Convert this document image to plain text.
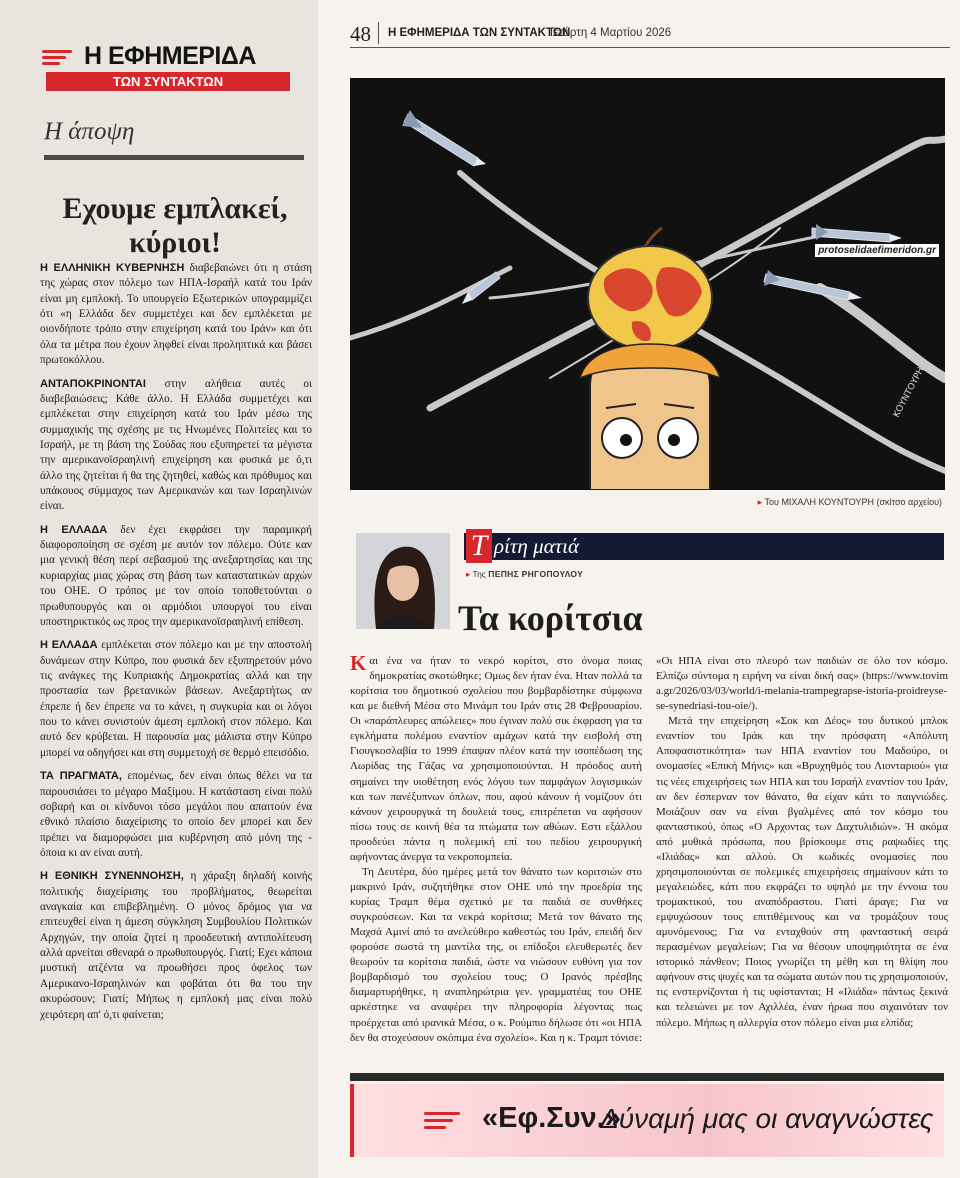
Η ΕΦΗΜΕΡΙΔΑ
ΤΩΝ ΣΥΝΤΑΚΤΩΝ
Η άποψη
Εχουμε εμπλακεί,
κύριοι!

Η ΕΛΛΗΝΙΚΗ ΚΥΒΕΡΝΗΣΗ διαβεβαιώνει ότι η στάση της χώρας στον πόλεμο των ΗΠΑ-Ισραήλ κατά του Ιράν είναι μη εμπλοκή. Το υπουργείο Εξωτερικών υπογραμμίζει ότι «η Ελλάδα δεν συμμετέχει και δεν εμπλέκεται με οιονδήποτε τρόπο στην επιχείρηση κατά του Ιράν» και ότι όλα τα μέτρα που έχουν ληφθεί είναι προληπτικά και βάσει πρωτοκόλλου.

ΑΝΤΑΠΟΚΡΙΝΟΝΤΑΙ στην αλήθεια αυτές οι διαβεβαιώσεις; Κάθε άλλο. Η Ελλάδα συμμετέχει και εμπλέκεται στην επιχείρηση κατά του Ιράν μέσω της συμμαχικής της σχέσης με τις Ηνωμένες Πολιτείες και το Ισραήλ, με τη βάση της Σούδας που εξυπηρετεί τα μέγιστα την αμερικανοϊσραηλινή επιχείρηση και φυσικά με ό,τι άλλο της ζητείται ή θα της ζητηθεί, καθώς και πρόθυμος και υπάκουος σύμμαχος των Αμερικανών και των Ισραηλινών είναι.

Η ΕΛΛΑΔΑ δεν έχει εκφράσει την παραμικρή διαφοροποίηση σε σχέση με αυτόν τον πόλεμο. Ούτε καν μια γενική θέση περί σεβασμού της ανεξαρτησίας και της κυριαρχίας μιας χώρας στη βάση των καταστατικών αρχών του ΟΗΕ. Ο τρόπος με τον οποίο τοποθετούνται ο πρωθυπουργός και οι αρμόδιοι υπουργοί του είναι υποστηρικτικός ως προς την αμερικανοϊσραηλινή επίθεση.

Η ΕΛΛΑΔΑ εμπλέκεται στον πόλεμο και με την αποστολή δυνάμεων στην Κύπρο, που φυσικά δεν εξυπηρετούν μόνο τις ανάγκες της Κυπριακής Δημοκρατίας αλλά και την προστασία των βρετανικών βάσεων. Ανεξαρτήτως αν έπρεπε ή δεν έπρεπε να το κάνει, η συγκυρία και οι λόγοι που το κάνει συνιστούν άμεση εμπλοκή στον πόλεμο. Και αυτό δεν κρύβεται. Η παρουσία μας μάλιστα στην Κύπρο μπορεί να οδηγήσει και στη συμμετοχή σε θερμό επεισόδιο.

ΤΑ ΠΡΑΓΜΑΤΑ, επομένως, δεν είναι όπως θέλει να τα παρουσιάσει το μέγαρο Μαξίμου. Η κατάσταση είναι πολύ σοβαρή και οι κίνδυνοι τόσο μεγάλοι που απαιτούν ένα εθνικό πλαίσιο διαχείρισης το οποίο δεν μπορεί και δεν πρέπει να διαμορφώσει μια κυβέρνηση από μόνη της - όποια κι αν είναι αυτή.

Η ΕΘΝΙΚΗ ΣΥΝΕΝΝΟΗΣΗ, η χάραξη δηλαδή κοινής πολιτικής διαχείρισης του προβλήματος, θεωρείται αναγκαία και επιβεβλημένη. Ο μόνος δρόμος για να επιτευχθεί είναι η άμεση σύγκληση Συμβουλίου Πολιτικών Αρχηγών, την οποία ζητεί η προοδευτική αντιπολίτευση αλλά αρνείται σθεναρά ο πρωθυπουργός. Γιατί; Εχει κάποια μυστική ατζέντα να προωθήσει προς όφελος των Αμερικανο-Ισραηλινών και φοβάται ότι θα του την ακυρώσουν; Γιατί; Μήπως η εμπλοκή μας είναι πολύ χειρότερη απ' ό,τι φαίνεται;

48 Η ΕΦΗΜΕΡΙΔΑ ΤΩΝ ΣΥΝΤΑΚΤΩΝ
Τετάρτη 4 Μαρτίου 2026
ΚΟΥΝΤΟΥΡΗ
protoselidaefimeridon.gr
▸ Του ΜΙΧΑΛΗ ΚΟΥΝΤΟΥΡΗ (σκίτσο αρχείου)
Τ ρίτη ματιά
▸ Της ΠΕΠΗΣ ΡΗΓΟΠΟΥΛΟΥ
Τα κορίτσια

Και ένα να ήταν το νεκρό κορίτσι, στο όνομα ποιας δημοκρατίας σκοτώθηκε; Ομως δεν ήταν ένα. Ηταν πολλά τα κορίτσια του δημοτικού σχολείου που βομβαρδίστηκε σύμφωνα και με διεθνή Μέσα στο Μινάμπ του Ιράν στις 28 Φεβρουαρίου. Οι «παράπλευρες απώλειες» που έγιναν πολύ σικ έκφραση για τα εγκλήματα πολέμου εναντίον αμάχων κατά την εισβολή στη Γιουγκοσλαβία το 1999 έπαψαν πλέον κατά την ισοπέδωση της Λωρίδας της Γάζας να χρησιμοποιούνται. Η πρόοδος αυτή σημαίνει την υιοθέτηση ενός λόγου των παμφάγων λογισμικών και των πανέξυπνων όπλων, που, αφού κάνουν ή νομίζουν ότι κάνουν χειρουργικά τη δουλειά τους, επιτρέπεται να αφήσουν πίσω τους σε κοινή θέα τα πτώματα των αθώων. Εστι εξάλλου προοδεύει πάντα η πολεμική επί του πεδίου χειρουργική αφήνοντας άνεργα τα νεκροπομπεία.

Τη Δευτέρα, δύο ημέρες μετά τον θάνατο των κοριτσιών στο μακρινό Ιράν, συζητήθηκε στον ΟΗΕ υπό την προεδρία της κυρίας Τραμπ θέμα σχετικό με τα παιδιά σε συνθήκες συγκρούσεων. Και τα νεκρά κορίτσια; Μετά τον θάνατο της Μαχσά Αμινί από το ανελεύθερο καθεστώς του Ιράν, επειδή δεν φορούσε σωστά τη μαντίλα της, οι επίδοξοι ελευθερωτές δεν θεωρούν τα κορίτσια παιδιά, ώστε να νιώσουν ευθύνη για τον βομβαρδισμό του σχολείου τους; Ο Ιρανός πρέσβης διαμαρτυρήθηκε, η αναπληρώτρια γεν. γραμματέας του ΟΗΕ αρκέστηκε να αναφέρει την πληροφορία λέγοντας πως προέρχεται από ιρανικά Μέσα, ο κ. Ρούμπιο δήλωσε ότι «οι ΗΠΑ δεν θα στοχεύσουν σκόπιμα ένα σχολείο». Και η κ. Τραμπ τόνισε: «Οι ΗΠΑ είναι στο πλευρό των παιδιών σε όλο τον κόσμο. Ελπίζω σύντομα η ειρήνη να είναι δική σας» (https://www.tovima.gr/2026/03/03/world/i-melania-trampegrapse-istoria-proidreyse-se-synedriasi-tou-oie/).

Μετά την επιχείρηση «Σοκ και Δέος» του δυτικού μπλοκ εναντίον του Ιράκ και την πρόσφατη «Απόλυτη Αποφασιστικότητα» των ΗΠΑ εναντίον του Μαδούρο, οι ονομασίες «Επική Μήνις» και «Βρυχηθμός του Λιονταριού» για τις νέες επιχειρήσεις των ΗΠΑ και του Ισραήλ εναντίον του Ιράν, αν δεν έσπερναν τον θάνατο, θα είχαν κάτι το παιγνιώδες. Μοιάζουν σαν να είναι βγαλμένες από τον κόσμο του φανταστικού, όπως «Ο Αρχοντας των Δαχτυλιδιών». Ή ακόμα από μυθικά πρόσωπα, που βρίσκουμε στις ραψωδίες της «Ιλιάδας» και αλλού. Οι κωδικές ονομασίες που χρησιμοποιούνται σε πολεμικές επιχειρήσεις σημαίνουν κάτι το μεγαλειώδες, κάτι που εκφράζει το υψηλό με την έννοια του τρομακτικού, του αναπόδραστου. Γιατί άραγε; Για να εμψυχώσουν τους επιτιθέμενους και να τρομάξουν τους αμυνόμενους; Για να ενταχθούν στη φανταστική σειρά περασμένων μεγαλείων; Για να θέσουν υποψηφιότητα σε ένα ιστορικό πάνθεον; Ποιος γνωρίζει τη μέθη και τη θλίψη που αφήνουν στις ψυχές και τα σώματα αυτών που τις χρησιμοποιούν, τις ενστερνίζονται ή τις υφίστανται; Η «Ιλιάδα» πάντως ξεκινά και τελειώνει με τον Αχιλλέα, έναν ήρωα που σιχαινόταν τον πόλεμο. Μήπως η αλλεργία στον πόλεμο είναι μια ελπίδα;

«Εφ.Συν.»
Δύναμή μας οι αναγνώστες
